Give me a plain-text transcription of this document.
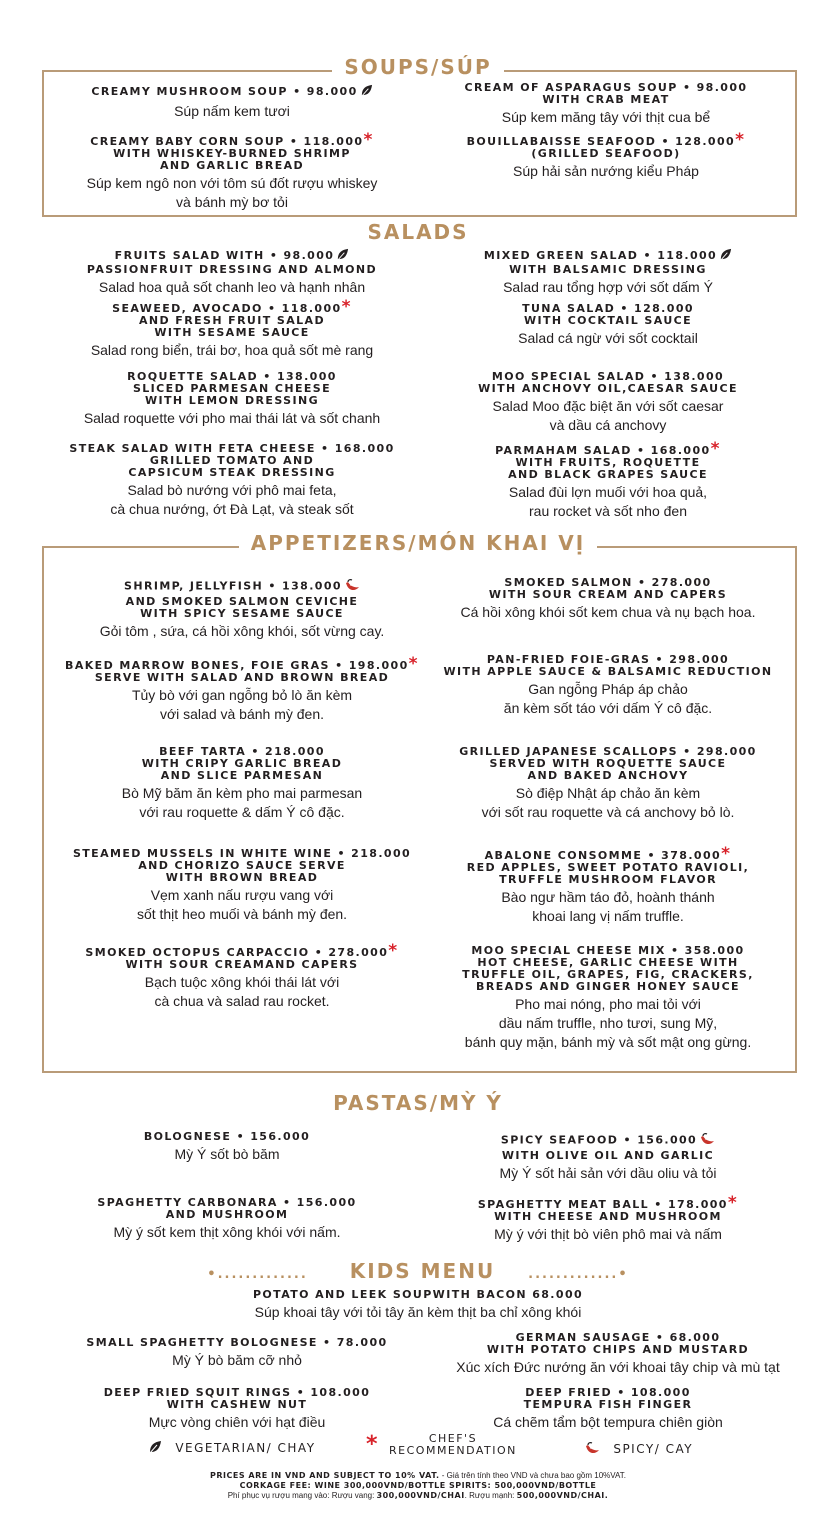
SOUPS/SÚP
CREAMY MUSHROOM SOUP • 98.000
Súp nấm kem tươi
CREAM OF ASPARAGUS SOUP • 98.000
WITH CRAB MEAT
Súp kem măng tây với thịt cua bể
CREAMY BABY CORN SOUP • 118.000*
WITH WHISKEY-BURNED SHRIMP
AND GARLIC BREAD
Súp kem ngô non với tôm sú đốt rượu whiskey
và bánh mỳ bơ tỏi
BOUILLABAISSE SEAFOOD • 128.000*
(GRILLED SEAFOOD)
Súp hải sản nướng kiểu Pháp
SALADS
FRUITS SALAD WITH • 98.000
PASSIONFRUIT DRESSING AND ALMOND
Salad hoa quả sốt chanh leo và hạnh nhân
MIXED GREEN SALAD • 118.000
WITH BALSAMIC DRESSING
Salad rau tổng hợp với sốt dấm Ý
SEAWEED, AVOCADO • 118.000*
AND FRESH FRUIT SALAD
WITH SESAME SAUCE
Salad rong biển, trái bơ, hoa quả sốt mè rang
TUNA SALAD • 128.000
WITH COCKTAIL SAUCE
Salad cá ngừ với sốt cocktail
ROQUETTE SALAD • 138.000
SLICED PARMESAN CHEESE
WITH LEMON DRESSING
Salad roquette với pho mai thái lát và sốt chanh
MOO SPECIAL SALAD • 138.000
WITH ANCHOVY OIL,CAESAR SAUCE
Salad Moo đặc biệt ăn với sốt caesar
và dầu cá anchovy
STEAK SALAD WITH FETA CHEESE • 168.000
GRILLED TOMATO AND
CAPSICUM STEAK DRESSING
Salad bò nướng với phô mai feta,
cà chua nướng, ớt Đà Lạt, và steak sốt
PARMAHAM SALAD • 168.000*
WITH FRUITS, ROQUETTE
AND BLACK GRAPES SAUCE
Salad đùi lợn muối với hoa quả,
rau rocket và sốt nho đen
APPETIZERS/MÓN KHAI VỊ
SHRIMP, JELLYFISH • 138.000
AND SMOKED SALMON CEVICHE
WITH SPICY SESAME SAUCE
Gỏi tôm , sứa, cá hồi xông khói, sốt vừng cay.
SMOKED SALMON • 278.000
WITH SOUR CREAM AND CAPERS
Cá hồi xông khói sốt kem chua và nụ bạch hoa.
BAKED MARROW BONES, FOIE GRAS • 198.000*
SERVE WITH SALAD AND BROWN BREAD
Tủy bò với gan ngỗng bỏ lò ăn kèm
với salad và bánh mỳ đen.
PAN-FRIED FOIE-GRAS • 298.000
WITH APPLE SAUCE & BALSAMIC REDUCTION
Gan ngỗng Pháp áp chảo
ăn kèm sốt táo với dấm Ý cô đặc.
BEEF TARTA • 218.000
WITH CRIPY GARLIC BREAD
AND SLICE PARMESAN
Bò Mỹ băm ăn kèm pho mai parmesan
với rau roquette & dấm Ý cô đặc.
GRILLED JAPANESE SCALLOPS • 298.000
SERVED WITH ROQUETTE SAUCE
AND BAKED ANCHOVY
Sò điệp Nhật áp chảo ăn kèm
với sốt rau roquette và cá anchovy bỏ lò.
STEAMED MUSSELS IN WHITE WINE • 218.000
AND CHORIZO SAUCE SERVE
WITH BROWN BREAD
Vẹm xanh nấu rượu vang với
sốt thịt heo muối và bánh mỳ đen.
ABALONE CONSOMME • 378.000*
RED APPLES, SWEET POTATO RAVIOLI,
TRUFFLE MUSHROOM FLAVOR
Bào ngư hầm táo đỏ, hoành thánh
khoai lang vị nấm truffle.
SMOKED OCTOPUS CARPACCIO • 278.000*
WITH SOUR CREAMAND CAPERS
Bạch tuộc xông khói thái lát với
cà chua và salad rau rocket.
MOO SPECIAL CHEESE MIX • 358.000
HOT CHEESE, GARLIC CHEESE WITH
TRUFFLE OIL, GRAPES, FIG, CRACKERS,
BREADS AND GINGER HONEY SAUCE
Pho mai nóng, pho mai tỏi với
dầu nấm truffle, nho tươi, sung Mỹ,
bánh quy mặn, bánh mỳ và sốt mật ong gừng.
PASTAS/MỲ Ý
BOLOGNESE • 156.000
Mỳ Ý sốt bò băm
SPICY SEAFOOD • 156.000
WITH OLIVE OIL AND GARLIC
Mỳ Ý sốt hải sản với dầu oliu và tỏi
SPAGHETTY CARBONARA • 156.000
AND MUSHROOM
Mỳ ý sốt kem thịt xông khói với nấm.
SPAGHETTY MEAT BALL • 178.000*
WITH CHEESE AND MUSHROOM
Mỳ ý với thịt bò viên phô mai và nấm
•............. KIDS MENU	.............•
POTATO AND LEEK SOUPWITH BACON 68.000
Súp khoai tây với tỏi tây ăn kèm thịt ba chỉ xông khói
SMALL SPAGHETTY BOLOGNESE • 78.000
Mỳ Ý bò băm cỡ nhỏ
GERMAN SAUSAGE • 68.000
WITH POTATO CHIPS AND MUSTARD
Xúc xích Đức nướng ăn với khoai tây chip và mù tạt
DEEP FRIED SQUIT RINGS • 108.000
WITH CASHEW NUT
Mực vòng chiên với hạt điều
DEEP FRIED • 108.000
TEMPURA FISH FINGER
Cá chẽm tẩm bột tempura chiên giòn
VEGETARIAN/ CHAY *	CHEF'S
RECOMMENDATION	SPICY/ CAY
PRICES ARE IN VND AND SUBJECT TO 10% VAT. - Giá trên tính theo VND và chưa bao gồm 10%VAT.
CORKAGE FEE: WINE 300,000VND/BOTTLE SPIRITS: 500,000VND/BOTTLE
Phí phục vụ rượu mang vào: Rượu vang: 300,000VND/CHAI. Rượu mạnh: 500,000VND/CHAI.
